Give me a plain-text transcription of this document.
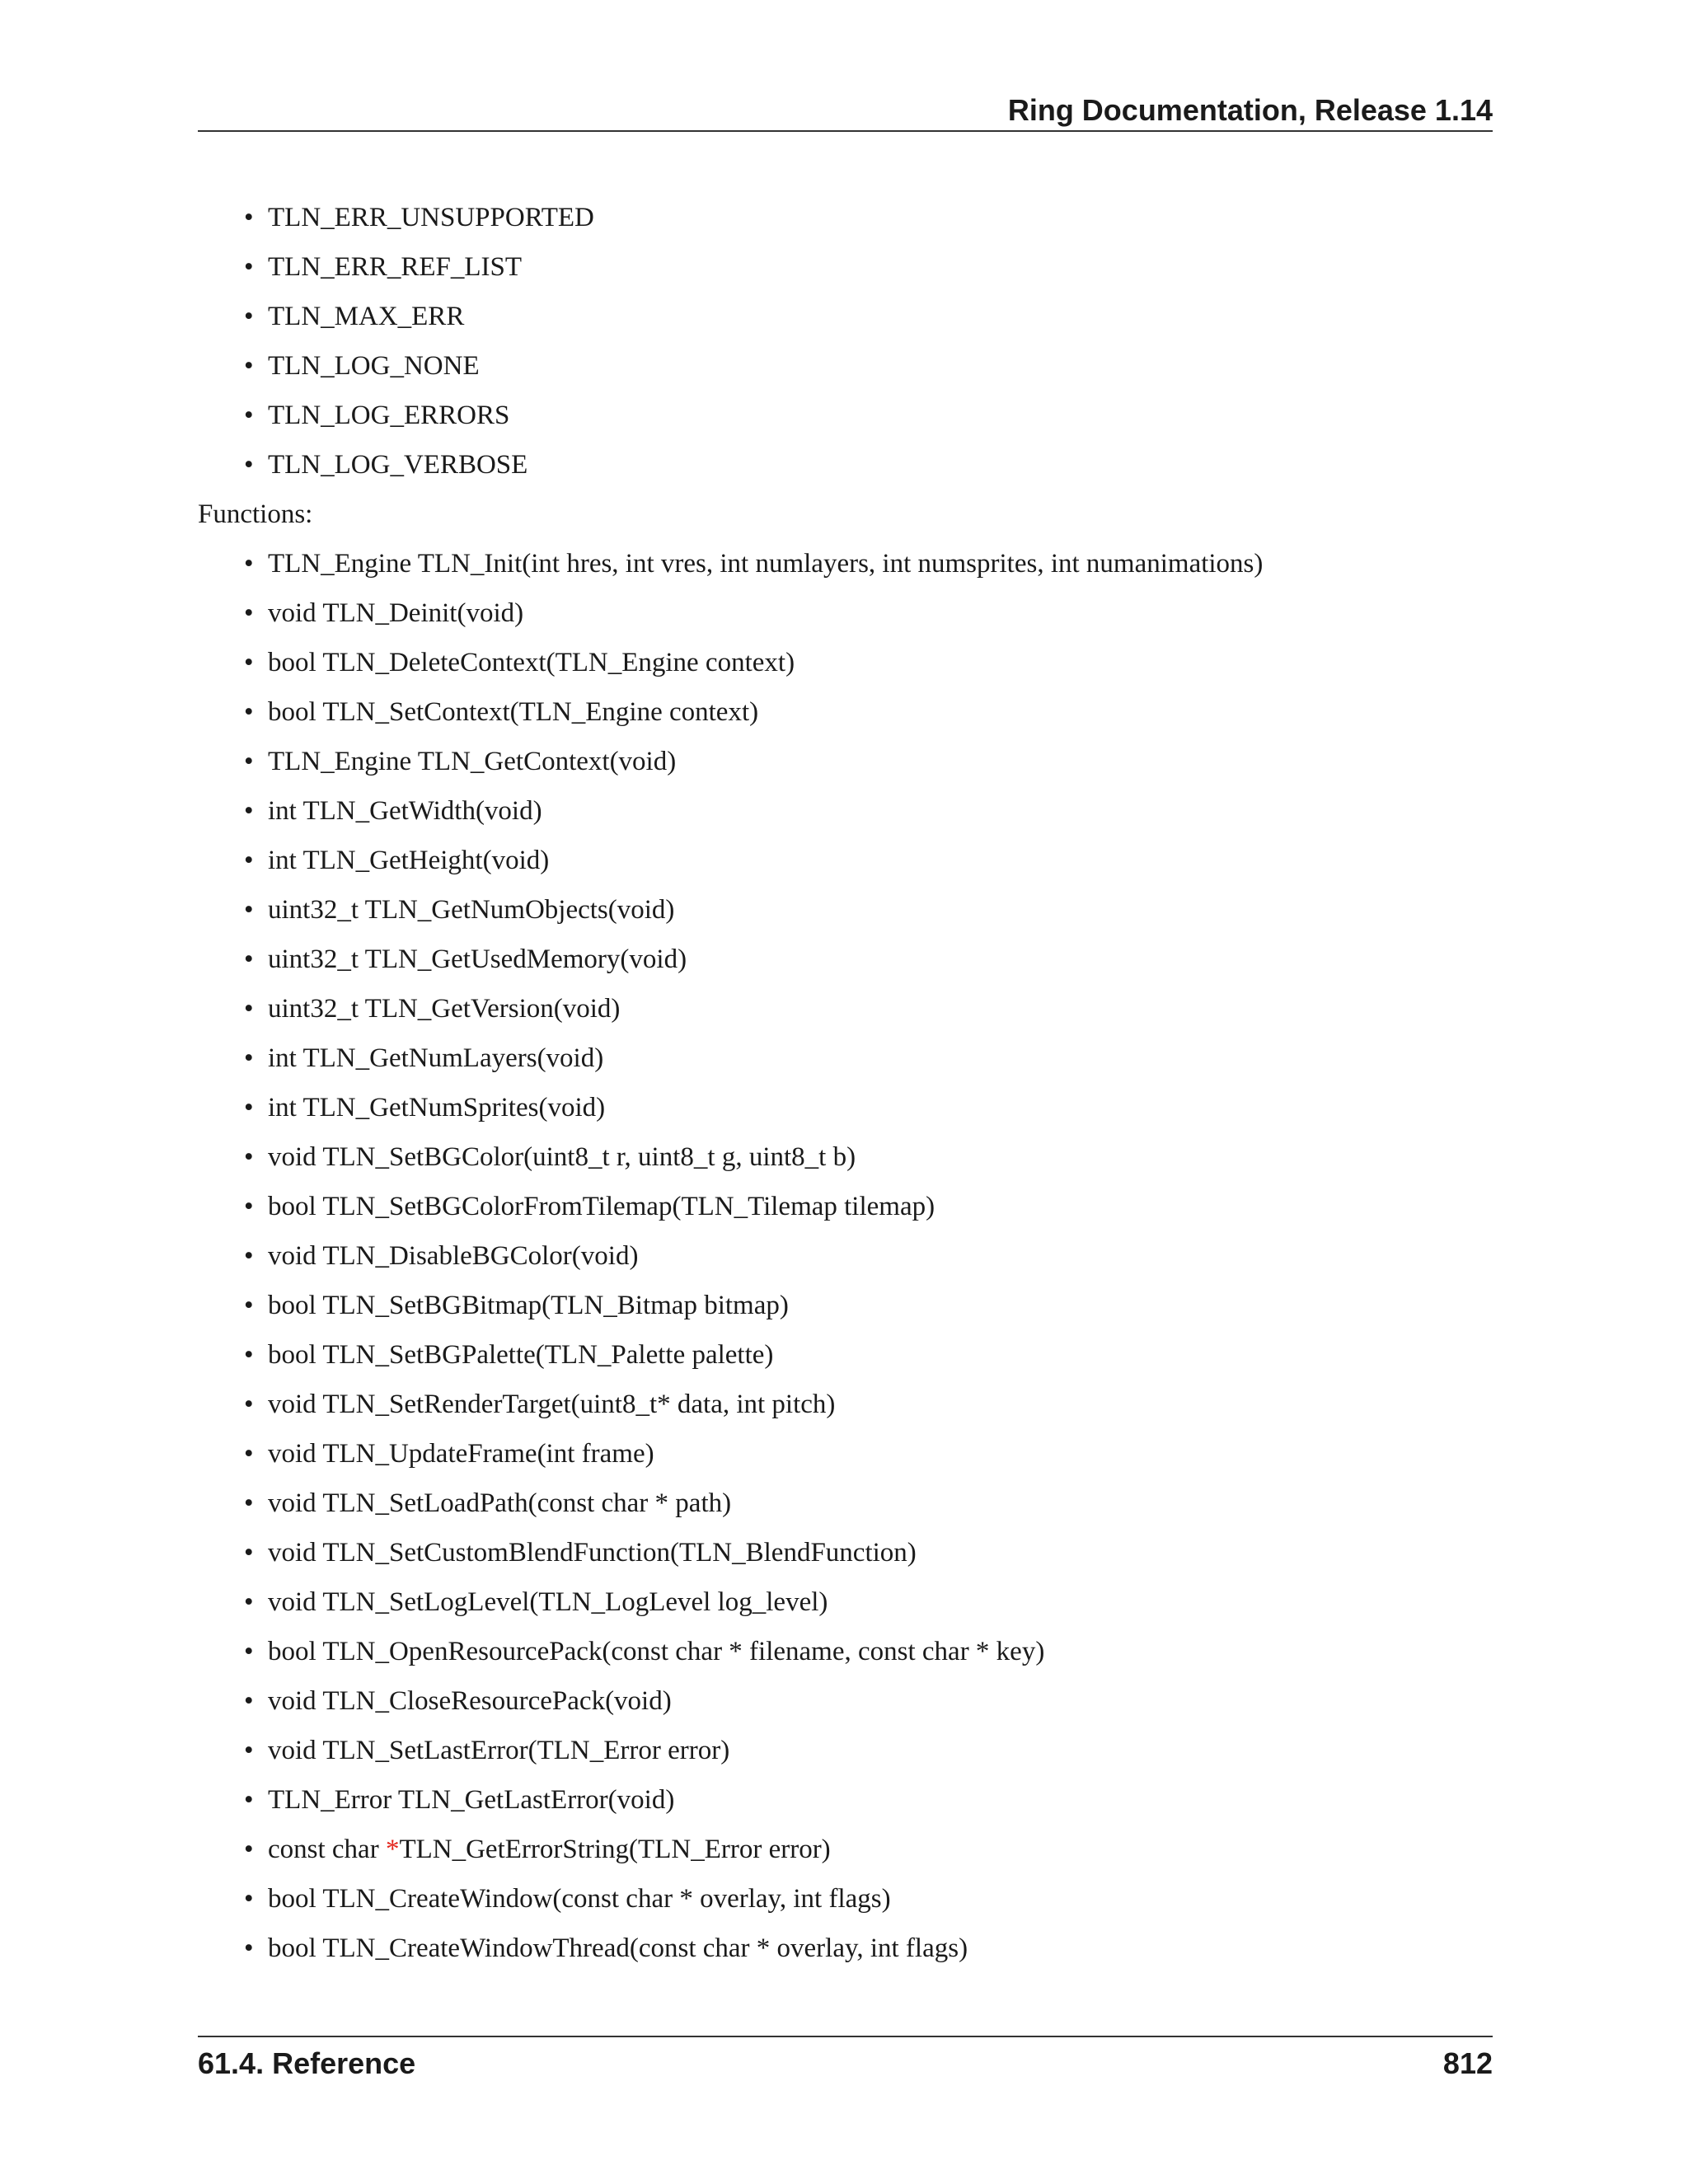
Ring Documentation, Release 1.14
• TLN_ERR_UNSUPPORTED
• TLN_ERR_REF_LIST
• TLN_MAX_ERR
• TLN_LOG_NONE
• TLN_LOG_ERRORS
• TLN_LOG_VERBOSE

Functions:

• TLN_Engine TLN_Init(int hres, int vres, int numlayers, int numsprites, int numanimations)
• void TLN_Deinit(void)
• bool TLN_DeleteContext(TLN_Engine context)
• bool TLN_SetContext(TLN_Engine context)
• TLN_Engine TLN_GetContext(void)
• int TLN_GetWidth(void)
• int TLN_GetHeight(void)
• uint32_t TLN_GetNumObjects(void)
• uint32_t TLN_GetUsedMemory(void)
• uint32_t TLN_GetVersion(void)
• int TLN_GetNumLayers(void)
• int TLN_GetNumSprites(void)
• void TLN_SetBGColor(uint8_t r, uint8_t g, uint8_t b)
• bool TLN_SetBGColorFromTilemap(TLN_Tilemap tilemap)
• void TLN_DisableBGColor(void)
• bool TLN_SetBGBitmap(TLN_Bitmap bitmap)
• bool TLN_SetBGPalette(TLN_Palette palette)
• void TLN_SetRenderTarget(uint8_t* data, int pitch)
• void TLN_UpdateFrame(int frame)
• void TLN_SetLoadPath(const char * path)
• void TLN_SetCustomBlendFunction(TLN_BlendFunction)
• void TLN_SetLogLevel(TLN_LogLevel log_level)
• bool TLN_OpenResourcePack(const char * filename, const char * key)
• void TLN_CloseResourcePack(void)
• void TLN_SetLastError(TLN_Error error)
• TLN_Error TLN_GetLastError(void)
• const char *TLN_GetErrorString(TLN_Error error)
• bool TLN_CreateWindow(const char * overlay, int flags)
• bool TLN_CreateWindowThread(const char * overlay, int flags)
61.4. Reference	812
